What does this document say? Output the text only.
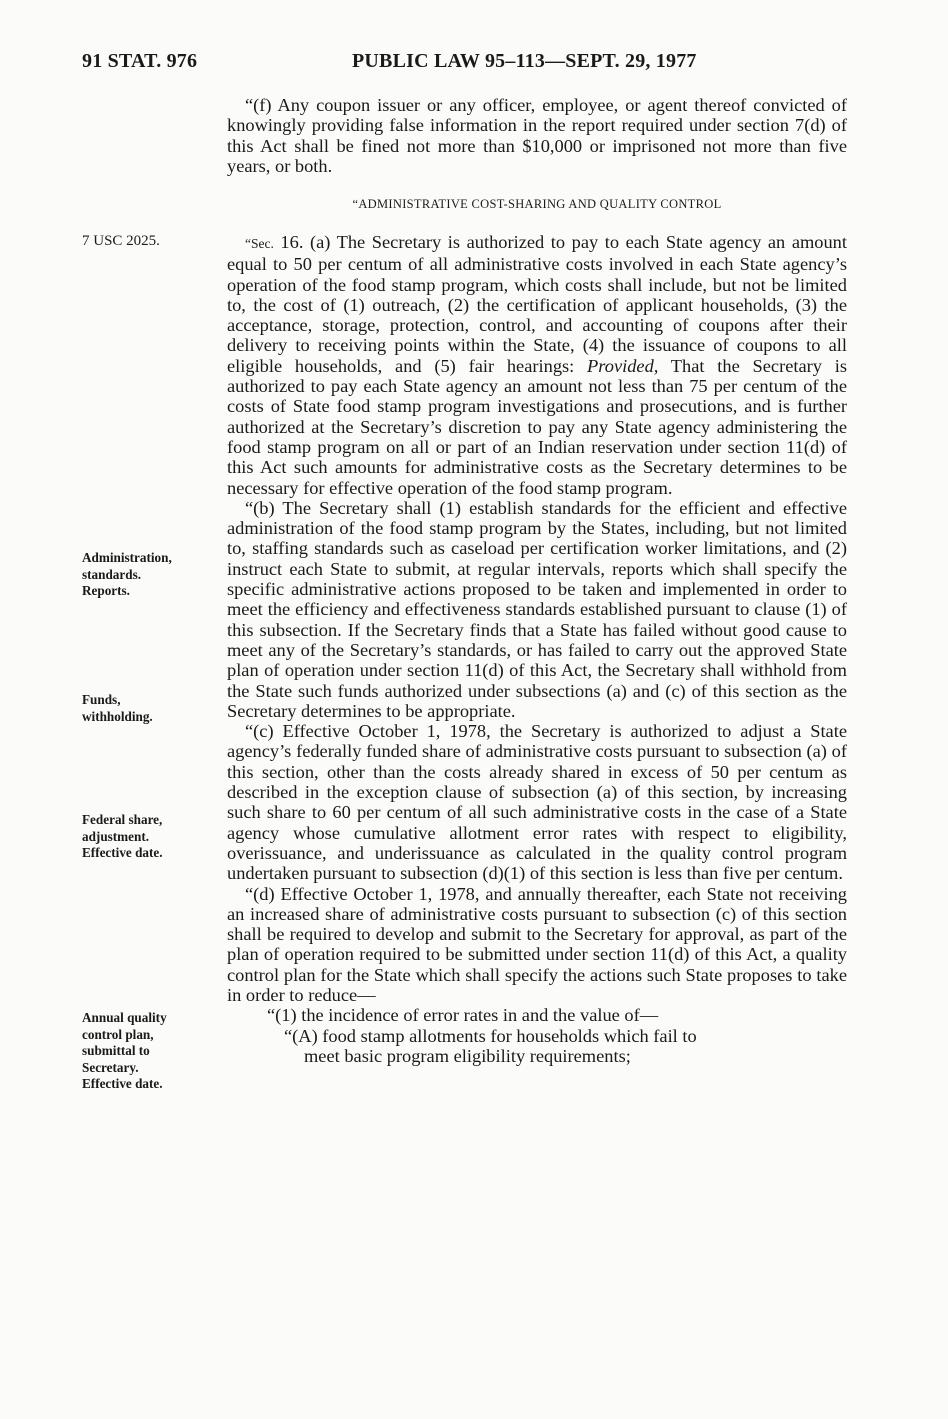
91 STAT. 976	PUBLIC LAW 95–113—SEPT. 29, 1977

“(f) Any coupon issuer or any officer, employee, or agent thereof convicted of knowingly providing false information in the report required under section 7(d) of this Act shall be fined not more than $10,000 or imprisoned not more than five years, or both.

“ADMINISTRATIVE COST-SHARING AND QUALITY CONTROL
7 USC 2025.	“Sec. 16. (a) The Secretary is authorized to pay to each State agency an amount equal to 50 per centum of all administrative costs involved in each State agency’s operation of the food stamp program, which costs shall include, but not be limited to, the cost of (1) outreach, (2) the certification of applicant households, (3) the acceptance, storage, protection, control, and accounting of coupons after their delivery to receiving points within the State, (4) the issuance of coupons to all eligible households, and (5) fair hearings: Provided, That the Secretary is authorized to pay each State agency an amount not less than 75 per centum of the costs of State food stamp program investigations and prosecutions, and is further authorized at the Secretary’s discretion to pay any State agency administering the food stamp program on all or part of an Indian reservation under section 11(d) of this Act such amounts for administrative costs as the Secretary determines to be necessary for effective operation of the food stamp program.

“(b) The Secretary shall (1) establish standards for the efficient and effective administration of the food stamp program by the States, including, but not limited to, staffing standards such as caseload per certification worker limitations, and (2) instruct each State to submit, at regular intervals, reports which shall specify the specific administrative actions proposed to be taken and implemented in order to meet the efficiency and effectiveness standards established pursuant to clause (1) of this subsection. If the Secretary finds that a State has failed without good cause to meet any of the Secretary’s standards, or has failed to carry out the approved State plan of operation under section 11(d) of this Act, the Secretary shall withhold from the State such funds authorized under subsections (a) and (c) of this section as the Secretary determines to be appropriate.

“(c) Effective October 1, 1978, the Secretary is authorized to adjust a State agency’s federally funded share of administrative costs pursuant to subsection (a) of this section, other than the costs already shared in excess of 50 per centum as described in the exception clause of subsection (a) of this section, by increasing such share to 60 per centum of all such administrative costs in the case of a State agency whose cumulative allotment error rates with respect to eligibility, overissuance, and underissuance as calculated in the quality control program undertaken pursuant to subsection (d)(1) of this section is less than five per centum.

“(d) Effective October 1, 1978, and annually thereafter, each State not receiving an increased share of administrative costs pursuant to subsection (c) of this section shall be required to develop and submit to the Secretary for approval, as part of the plan of operation required to be submitted under section 11(d) of this Act, a quality control plan for the State which shall specify the actions such State proposes to take in order to reduce—

“(1) the incidence of error rates in and the value of—

“(A) food stamp allotments for households which fail to
meet basic program eligibility requirements;

Administration,
standards.
Reports.
Funds,
withholding.
Federal share,
adjustment.
Effective date.
Annual quality
control plan,
submittal to
Secretary.
Effective date.
